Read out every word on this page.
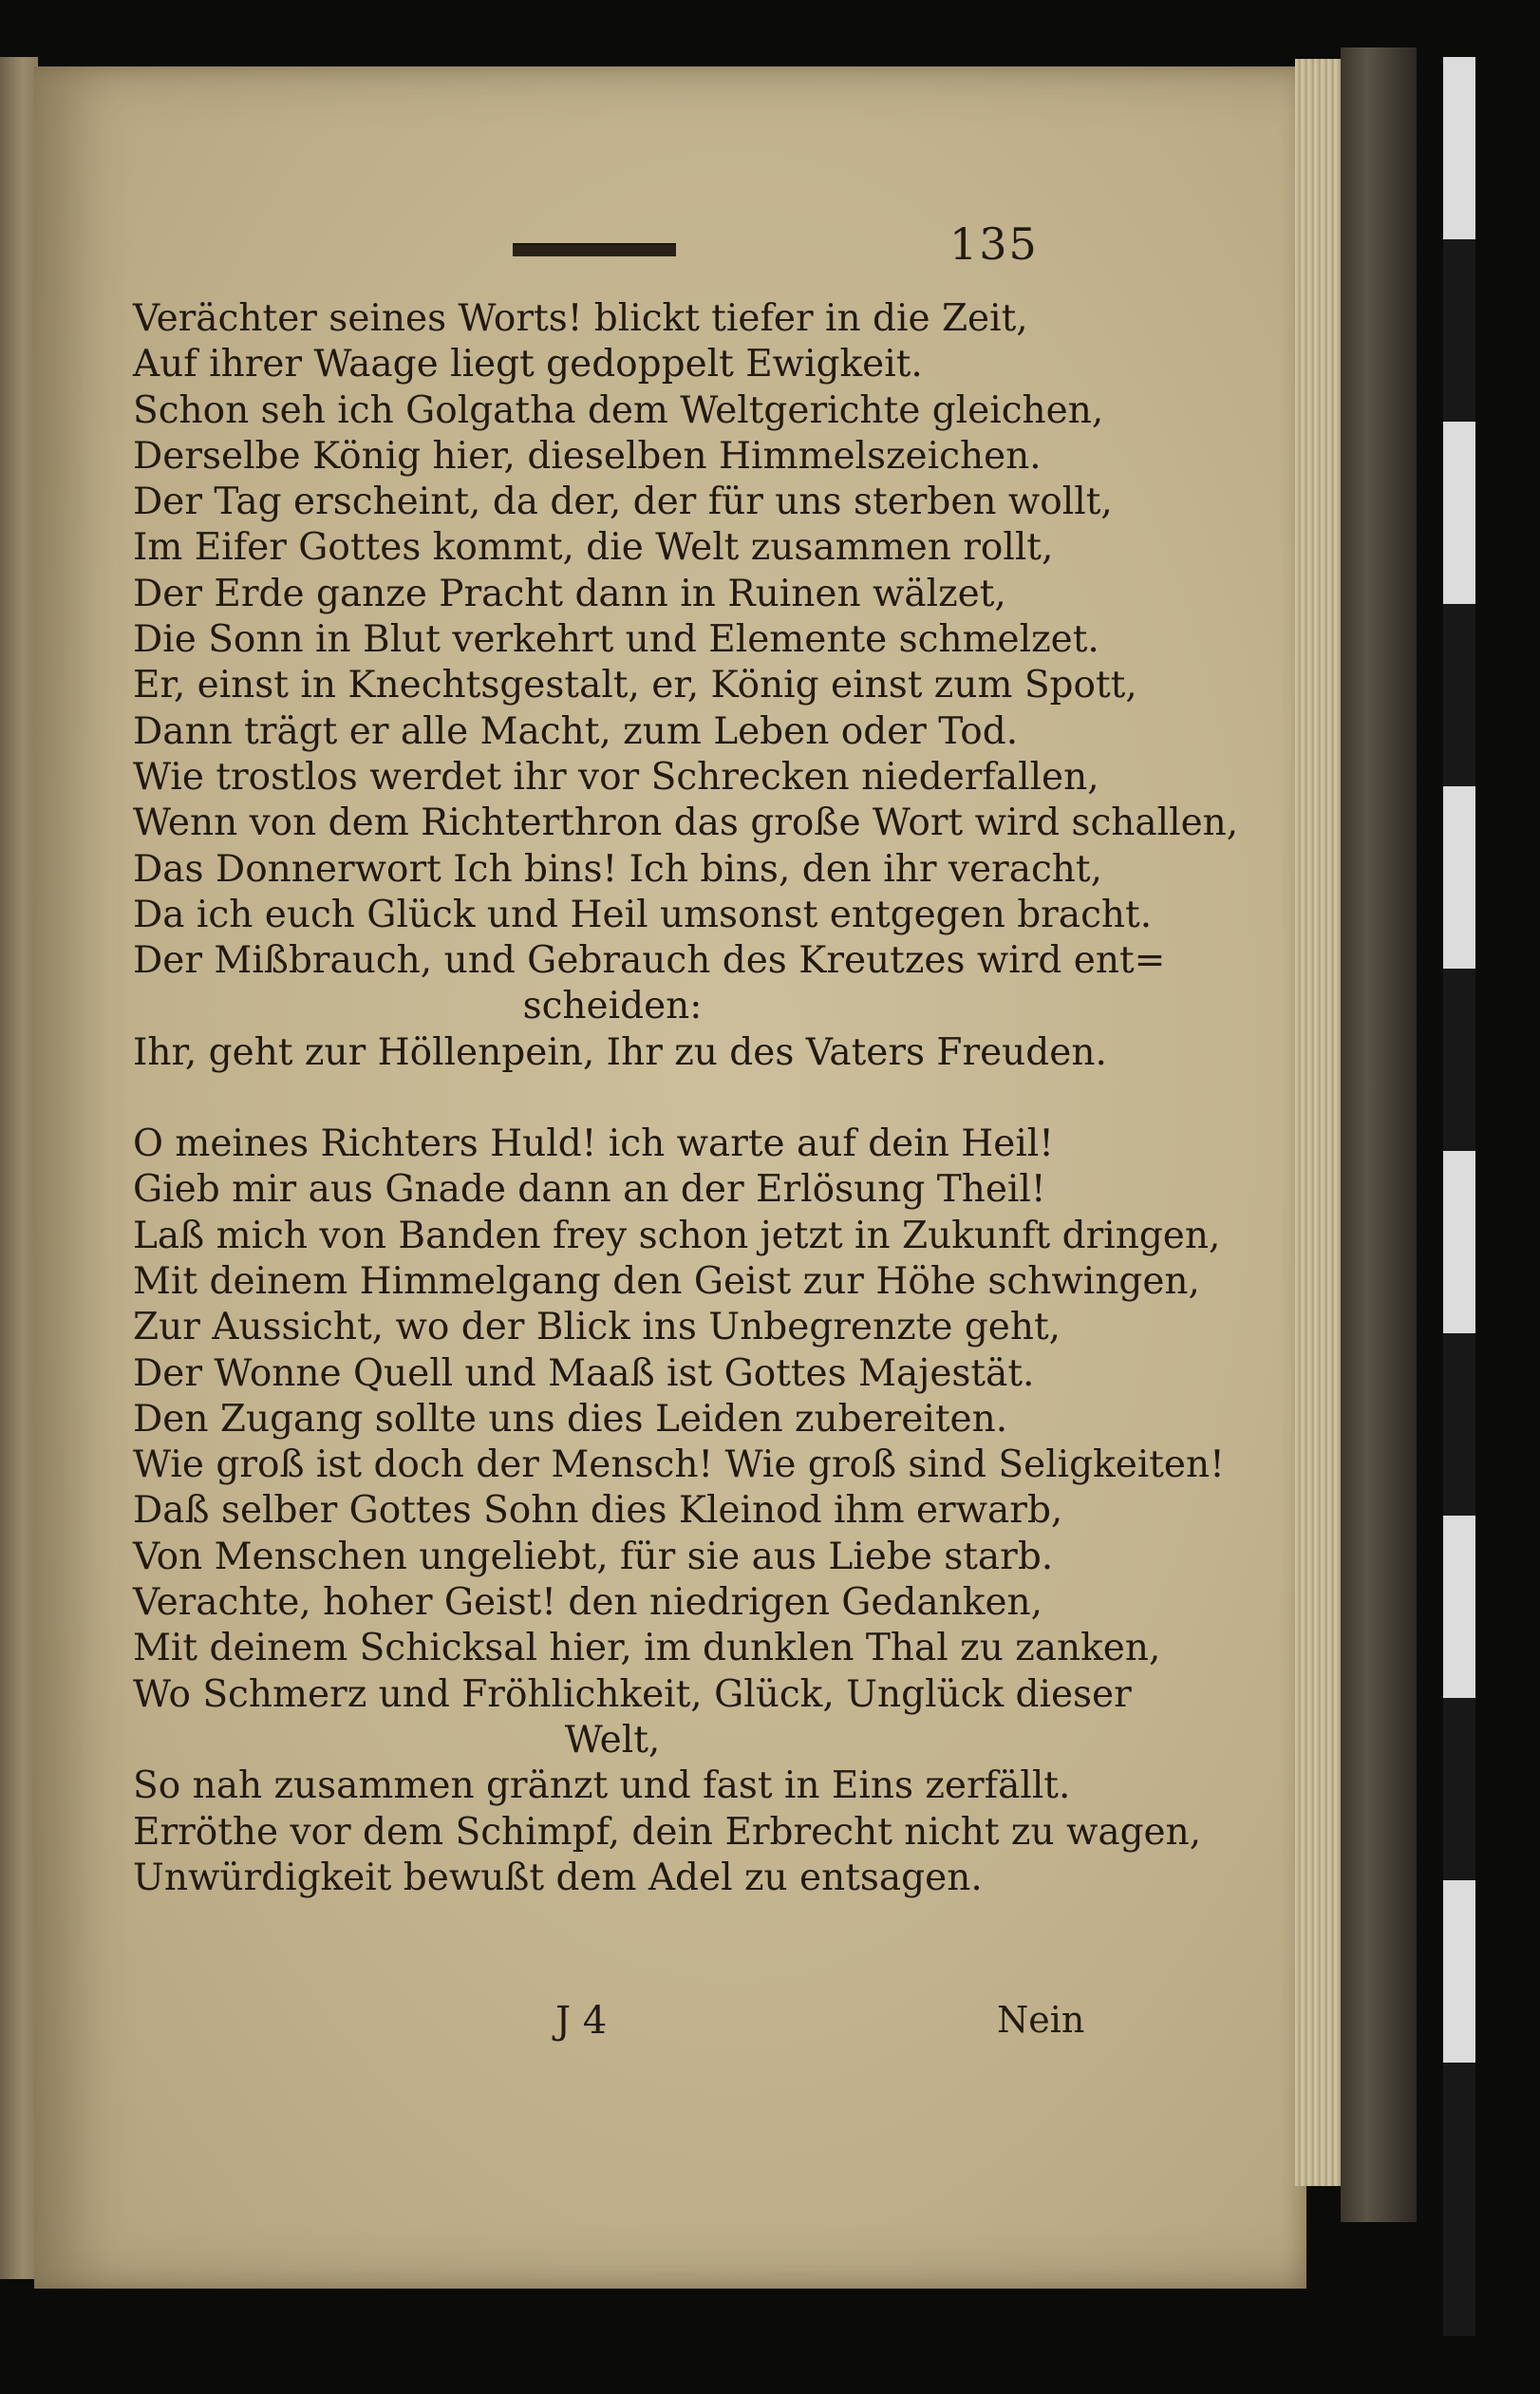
135
Verächter seines Worts! blickt tiefer in die Zeit,
Auf ihrer Waage liegt gedoppelt Ewigkeit.
Schon seh ich Golgatha dem Weltgerichte gleichen,
Derselbe König hier, dieselben Himmelszeichen.
Der Tag erscheint, da der, der für uns sterben wollt,
Im Eifer Gottes kommt, die Welt zusammen rollt,
Der Erde ganze Pracht dann in Ruinen wälzet,
Die Sonn in Blut verkehrt und Elemente schmelzet.
Er, einst in Knechtsgestalt, er, König einst zum Spott,
Dann trägt er alle Macht, zum Leben oder Tod.
Wie trostlos werdet ihr vor Schrecken niederfallen,
Wenn von dem Richterthron das große Wort wird schallen,
Das Donnerwort Ich bins! Ich bins, den ihr veracht,
Da ich euch Glück und Heil umsonst entgegen bracht.
Der Mißbrauch, und Gebrauch des Kreutzes wird ent=
scheiden:
Ihr, geht zur Höllenpein, Ihr zu des Vaters Freuden.
O meines Richters Huld! ich warte auf dein Heil!
Gieb mir aus Gnade dann an der Erlösung Theil!
Laß mich von Banden frey schon jetzt in Zukunft dringen,
Mit deinem Himmelgang den Geist zur Höhe schwingen,
Zur Aussicht, wo der Blick ins Unbegrenzte geht,
Der Wonne Quell und Maaß ist Gottes Majestät.
Den Zugang sollte uns dies Leiden zubereiten.
Wie groß ist doch der Mensch! Wie groß sind Seligkeiten!
Daß selber Gottes Sohn dies Kleinod ihm erwarb,
Von Menschen ungeliebt, für sie aus Liebe starb.
Verachte, hoher Geist! den niedrigen Gedanken,
Mit deinem Schicksal hier, im dunklen Thal zu zanken,
Wo Schmerz und Fröhlichkeit, Glück, Unglück dieser
Welt,
So nah zusammen gränzt und fast in Eins zerfällt.
Erröthe vor dem Schimpf, dein Erbrecht nicht zu wagen,
Unwürdigkeit bewußt dem Adel zu entsagen.
J 4	Nein
